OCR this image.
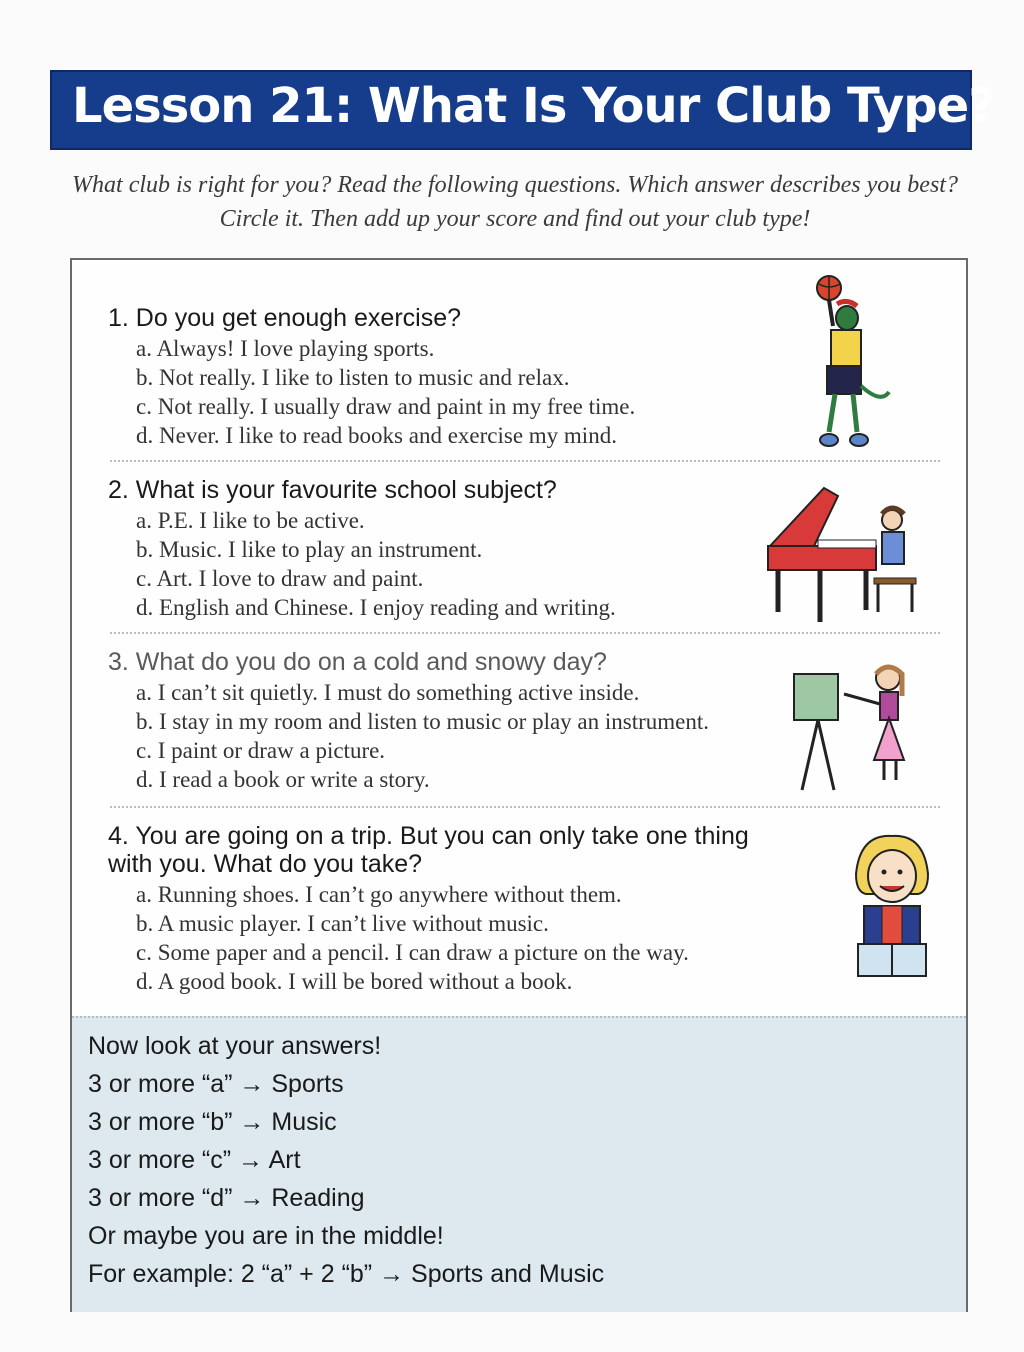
Lesson 21: What Is Your Club Type?
What club is right for you? Read the following questions. Which answer describes you best? Circle it. Then add up your score and find out your club type!
1. Do you get enough exercise?
a. Always! I love playing sports.
b. Not really. I like to listen to music and relax.
c. Not really. I usually draw and paint in my free time.
d. Never. I like to read books and exercise my mind.
2. What is your favourite school subject?
a. P.E. I like to be active.
b. Music. I like to play an instrument.
c. Art. I love to draw and paint.
d. English and Chinese. I enjoy reading and writing.
3. What do you do on a cold and snowy day?
a. I can’t sit quietly. I must do something active inside.
b. I stay in my room and listen to music or play an instrument.
c. I paint or draw a picture.
d. I read a book or write a story.
4. You are going on a trip. But you can only take one thing
with you. What do you take?
a. Running shoes. I can’t go anywhere without them.
b. A music player. I can’t live without music.
c. Some paper and a pencil. I can draw a picture on the way.
d. A good book. I will be bored without a book.
Now look at your answers!
3 or more “a” → Sports
3 or more “b” → Music
3 or more “c” → Art
3 or more “d” → Reading
Or maybe you are in the middle!
For example: 2 “a” + 2 “b” → Sports and Music
